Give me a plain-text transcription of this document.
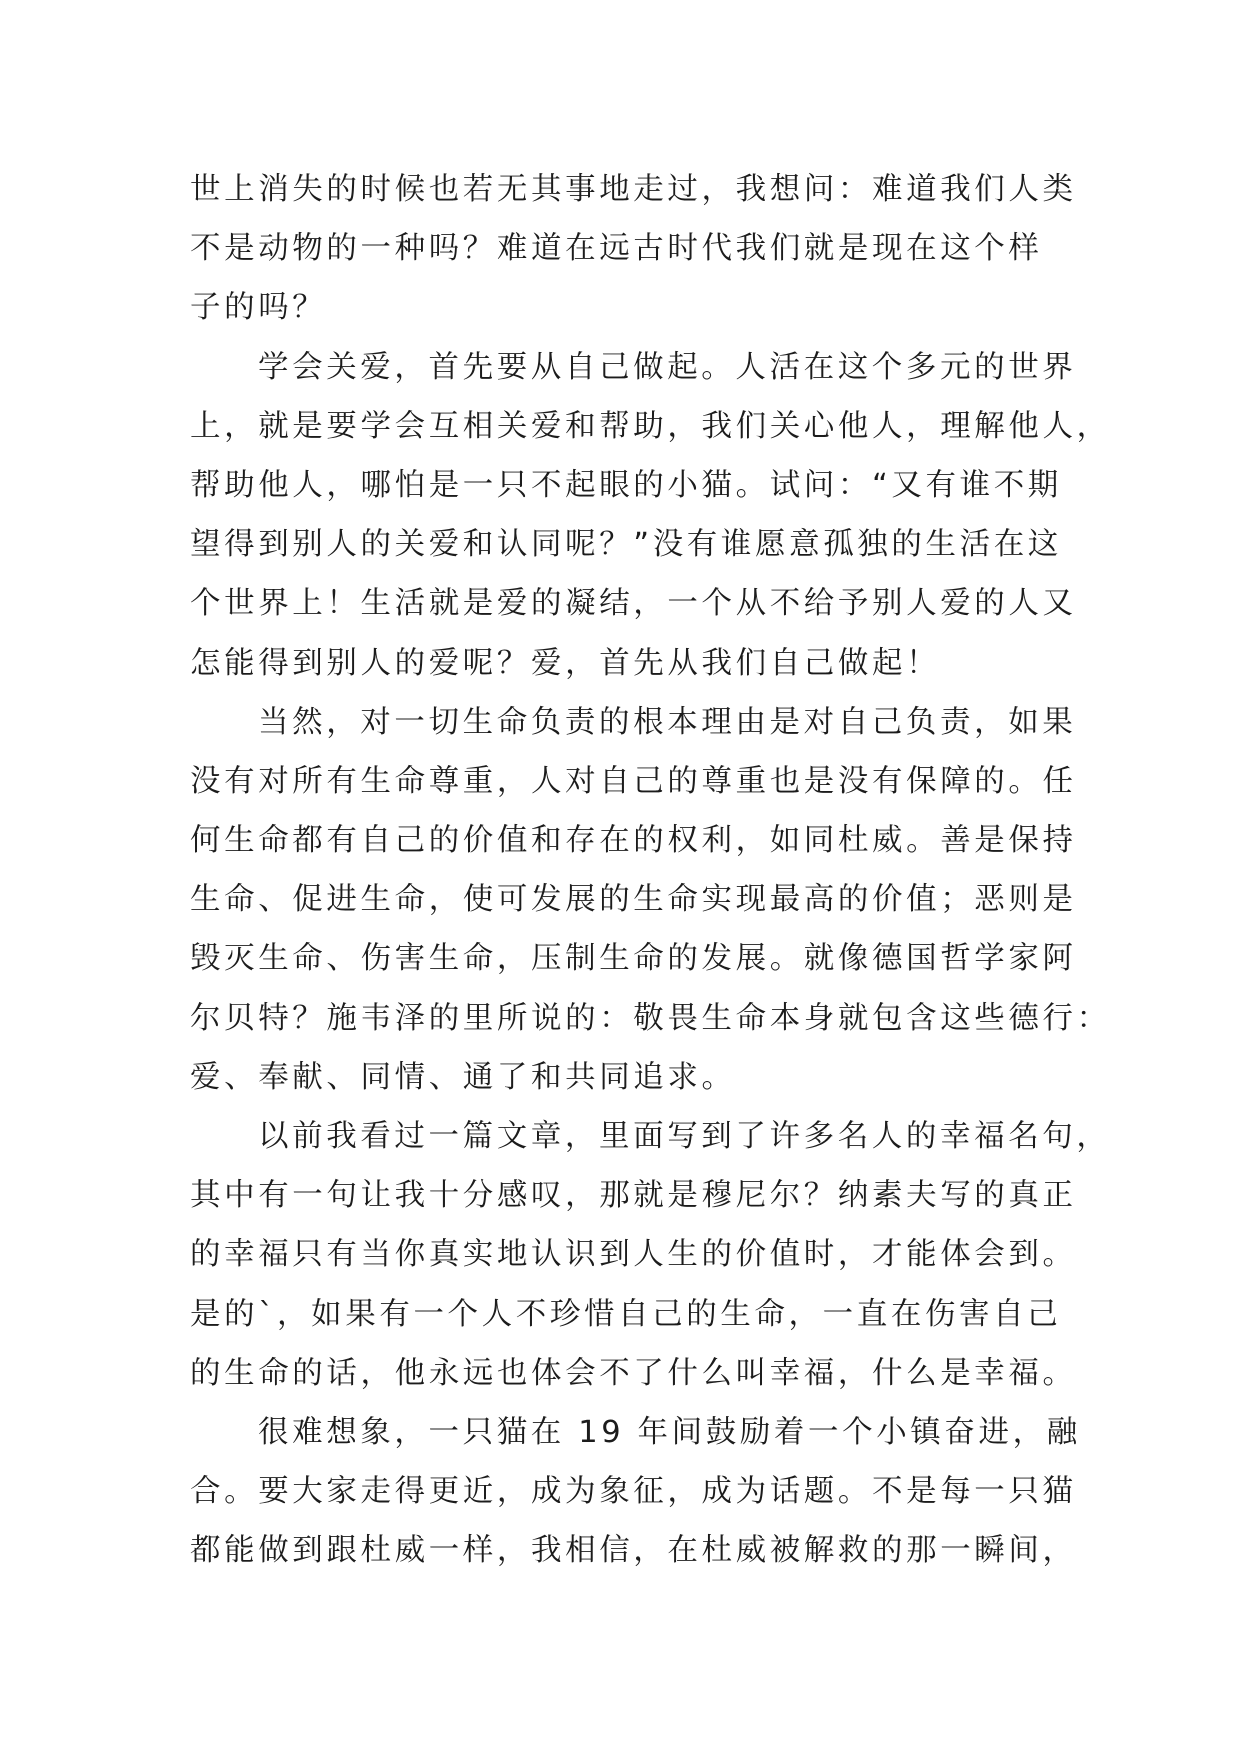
世上消失的时候也若无其事地走过，我想问：难道我们人类
不是动物的一种吗？难道在远古时代我们就是现在这个样
子的吗？
学会关爱，首先要从自己做起。人活在这个多元的世界
上，就是要学会互相关爱和帮助，我们关心他人，理解他人，
帮助他人，哪怕是一只不起眼的小猫。试问：“又有谁不期
望得到别人的关爱和认同呢？”没有谁愿意孤独的生活在这
个世界上！生活就是爱的凝结，一个从不给予别人爱的人又
怎能得到别人的爱呢？爱，首先从我们自己做起！
当然，对一切生命负责的根本理由是对自己负责，如果
没有对所有生命尊重，人对自己的尊重也是没有保障的。任
何生命都有自己的价值和存在的权利，如同杜威。善是保持
生命、促进生命，使可发展的生命实现最高的价值；恶则是
毁灭生命、伤害生命，压制生命的发展。就像德国哲学家阿
尔贝特？施韦泽的里所说的：敬畏生命本身就包含这些德行：
爱、奉献、同情、通了和共同追求。
以前我看过一篇文章，里面写到了许多名人的幸福名句，
其中有一句让我十分感叹，那就是穆尼尔？纳素夫写的真正
的幸福只有当你真实地认识到人生的价值时，才能体会到。
是的`，如果有一个人不珍惜自己的生命，一直在伤害自己
的生命的话，他永远也体会不了什么叫幸福，什么是幸福。
很难想象，一只猫在 19 年间鼓励着一个小镇奋进，融
合。要大家走得更近，成为象征，成为话题。不是每一只猫
都能做到跟杜威一样，我相信，在杜威被解救的那一瞬间，
